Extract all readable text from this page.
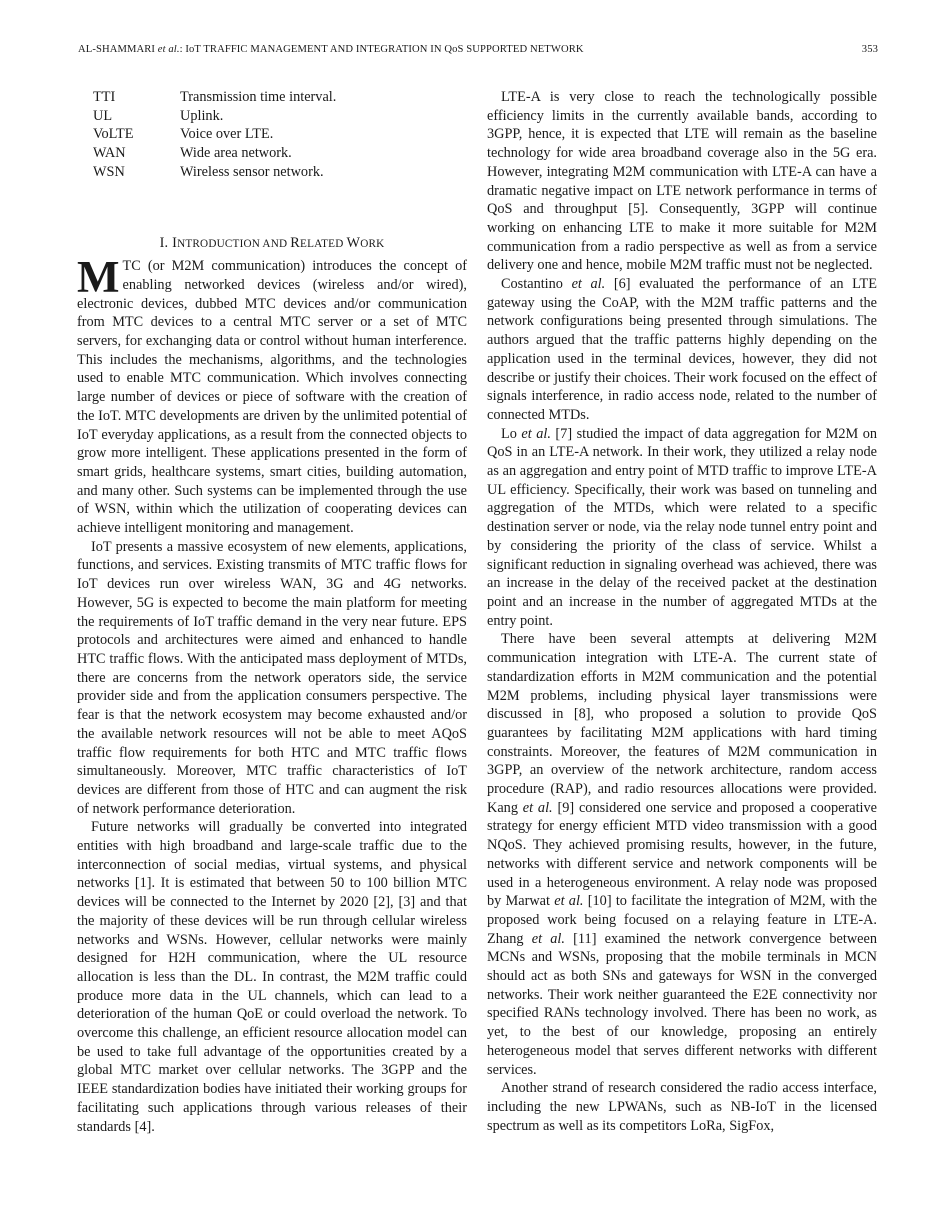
AL-SHAMMARI et al.: IoT TRAFFIC MANAGEMENT AND INTEGRATION IN QoS SUPPORTED NETWORK	353
TTI	Transmission time interval.
UL	Uplink.
VoLTE	Voice over LTE.
WAN	Wide area network.
WSN	Wireless sensor network.
I. INTRODUCTION AND RELATED WORK

MTC (or M2M communication) introduces the concept of enabling networked devices (wireless and/or wired), electronic devices, dubbed MTC devices and/or communication from MTC devices to a central MTC server or a set of MTC servers, for exchanging data or control without human interference. This includes the mechanisms, algorithms, and the technologies used to enable MTC communication. Which involves connecting large number of devices or piece of software with the creation of the IoT. MTC developments are driven by the unlimited potential of IoT everyday applications, as a result from the connected objects to grow more intelligent. These applications presented in the form of smart grids, healthcare systems, smart cities, building automation, and many other. Such systems can be implemented through the use of WSN, within which the utilization of cooperating devices can achieve intelligent monitoring and management.

IoT presents a massive ecosystem of new elements, applications, functions, and services. Existing transmits of MTC traffic flows for IoT devices run over wireless WAN, 3G and 4G networks. However, 5G is expected to become the main platform for meeting the requirements of IoT traffic demand in the very near future. EPS protocols and architectures were aimed and enhanced to handle HTC traffic flows. With the anticipated mass deployment of MTDs, there are concerns from the network operators side, the service provider side and from the application consumers perspective. The fear is that the network ecosystem may become exhausted and/or the available network resources will not be able to meet AQoS traffic flow requirements for both HTC and MTC traffic flows simultaneously. Moreover, MTC traffic characteristics of IoT devices are different from those of HTC and can augment the risk of network performance deterioration.

Future networks will gradually be converted into integrated entities with high broadband and large-scale traffic due to the interconnection of social medias, virtual systems, and physical networks [1]. It is estimated that between 50 to 100 billion MTC devices will be connected to the Internet by 2020 [2], [3] and that the majority of these devices will be run through cellular wireless networks and WSNs. However, cellular networks were mainly designed for H2H communication, where the UL resource allocation is less than the DL. In contrast, the M2M traffic could produce more data in the UL channels, which can lead to a deterioration of the human QoE or could overload the network. To overcome this challenge, an efficient resource allocation model can be used to take full advantage of the opportunities created by a global MTC market over cellular networks. The 3GPP and the IEEE standardization bodies have initiated their working groups for facilitating such applications through various releases of their standards [4].

LTE-A is very close to reach the technologically possible efficiency limits in the currently available bands, according to 3GPP, hence, it is expected that LTE will remain as the baseline technology for wide area broadband coverage also in the 5G era. However, integrating M2M communication with LTE-A can have a dramatic negative impact on LTE network performance in terms of QoS and throughput [5]. Consequently, 3GPP will continue working on enhancing LTE to make it more suitable for M2M communication from a radio perspective as well as from a service delivery one and hence, mobile M2M traffic must not be neglected.

Costantino et al. [6] evaluated the performance of an LTE gateway using the CoAP, with the M2M traffic patterns and the network configurations being presented through simulations. The authors argued that the traffic patterns highly depending on the application used in the terminal devices, however, they did not describe or justify their choices. Their work focused on the effect of signals interference, in radio access node, related to the number of connected MTDs.

Lo et al. [7] studied the impact of data aggregation for M2M on QoS in an LTE-A network. In their work, they utilized a relay node as an aggregation and entry point of MTD traffic to improve LTE-A UL efficiency. Specifically, their work was based on tunneling and aggregation of the MTDs, which were related to a specific destination server or node, via the relay node tunnel entry point and by considering the priority of the class of service. Whilst a significant reduction in signaling overhead was achieved, there was an increase in the delay of the received packet at the destination point and an increase in the number of aggregated MTDs at the entry point.

There have been several attempts at delivering M2M communication integration with LTE-A. The current state of standardization efforts in M2M communication and the potential M2M problems, including physical layer transmissions were discussed in [8], who proposed a solution to provide QoS guarantees by facilitating M2M applications with hard timing constraints. Moreover, the features of M2M communication in 3GPP, an overview of the network architecture, random access procedure (RAP), and radio resources allocations were provided. Kang et al. [9] considered one service and proposed a cooperative strategy for energy efficient MTD video transmission with a good NQoS. They achieved promising results, however, in the future, networks with different service and network components will be used in a heterogeneous environment. A relay node was proposed by Marwat et al. [10] to facilitate the integration of M2M, with the proposed work being focused on a relaying feature in LTE-A. Zhang et al. [11] examined the network convergence between MCNs and WSNs, proposing that the mobile terminals in MCN should act as both SNs and gateways for WSN in the converged networks. Their work neither guaranteed the E2E connectivity nor specified RANs technology involved. There has been no work, as yet, to the best of our knowledge, proposing an entirely heterogeneous model that serves different networks with different services.

Another strand of research considered the radio access interface, including the new LPWANs, such as NB-IoT in the licensed spectrum as well as its competitors LoRa, SigFox,
